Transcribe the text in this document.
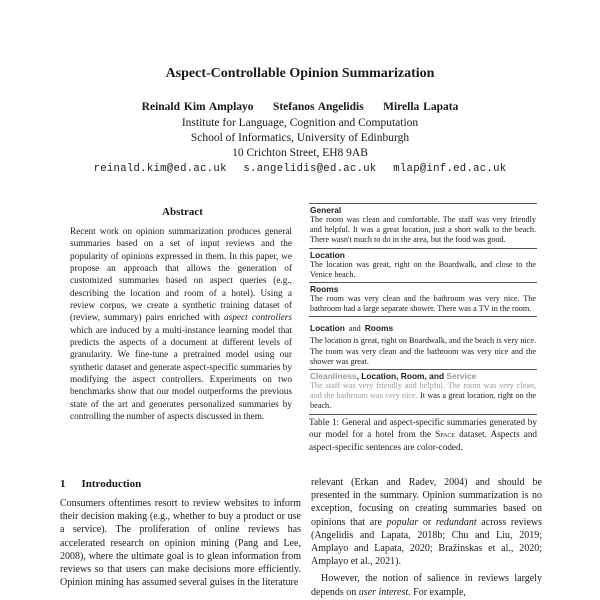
Aspect-Controllable Opinion Summarization
Reinald Kim Amplayo Stefanos Angelidis Mirella Lapata
Institute for Language, Cognition and Computation
School of Informatics, University of Edinburgh
10 Crichton Street, EH8 9AB
reinald.kim@ed.ac.uk s.angelidis@ed.ac.uk mlap@inf.ed.ac.uk
Abstract
Recent work on opinion summarization produces general summaries based on a set of input reviews and the popularity of opinions expressed in them. In this paper, we propose an approach that allows the generation of customized summaries based on aspect queries (e.g., describing the location and room of a hotel). Using a review corpus, we create a synthetic training dataset of (review, summary) pairs enriched with aspect controllers which are induced by a multi-instance learning model that predicts the aspects of a document at different levels of granularity. We fine-tune a pretrained model using our synthetic dataset and generate aspect-specific summaries by modifying the aspect controllers. Experiments on two benchmarks show that our model outperforms the previous state of the art and generates personalized summaries by controlling the number of aspects discussed in them.
General
The room was clean and comfortable. The staff was very friendly and helpful. It was a great location, just a short walk to the beach. There wasn't much to do in the area, but the food was good.
Location
The location was great, right on the Boardwalk, and close to the Venice beach.
Rooms
The room was very clean and the bathroom was very nice. The bathroom had a large separate shower. There was a TV in the room.
Location and Rooms
The location is great, right on Boardwalk, and the beach is very nice. The room was very clean and the bathroom was very nice and the shower was great.
Cleanliness, Location, Room, and Service
The staff was very friendly and helpful. The room was very clean, and the bathroom was very nice. It was a great location, right on the beach.
Table 1: General and aspect-specific summaries generated by our model for a hotel from the Space dataset. Aspects and aspect-specific sentences are color-coded.
1 Introduction
Consumers oftentimes resort to review websites to inform their decision making (e.g., whether to buy a product or use a service). The proliferation of online reviews has accelerated research on opinion mining (Pang and Lee, 2008), where the ultimate goal is to glean information from reviews so that users can make decisions more efficiently. Opinion mining has assumed several guises in the literature

relevant (Erkan and Radev, 2004) and should be presented in the summary. Opinion summarization is no exception, focusing on creating summaries based on opinions that are popular or redundant across reviews (Angelidis and Lapata, 2018b; Chu and Liu, 2019; Amplayo and Lapata, 2020; Bražinskas et al., 2020; Amplayo et al., 2021).

However, the notion of salience in reviews largely depends on user interest. For example,
